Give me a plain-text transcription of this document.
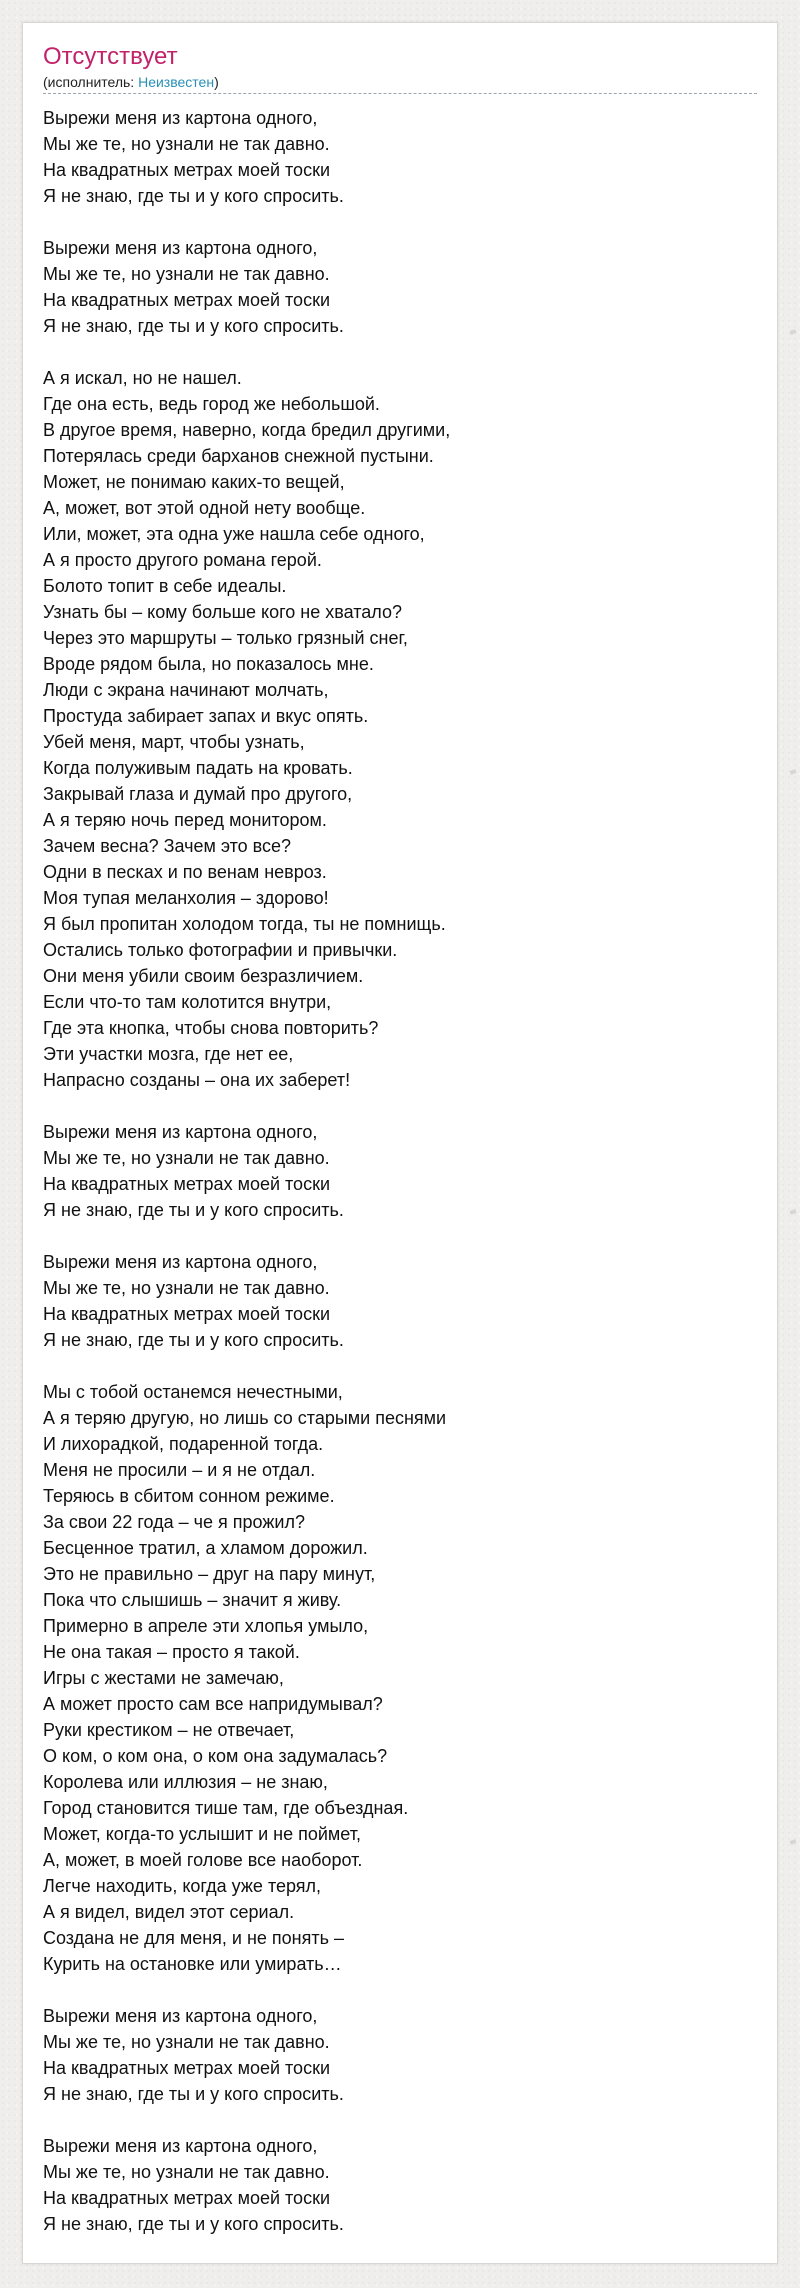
Отсутствует
(исполнитель: Неизвестен)
Вырежи меня из картона одного,
Мы же те, но узнали не так давно.
На квадратных метрах моей тоски
Я не знаю, где ты и у кого спросить.
Вырежи меня из картона одного,
Мы же те, но узнали не так давно.
На квадратных метрах моей тоски
Я не знаю, где ты и у кого спросить.
А я искал, но не нашел.
Где она есть, ведь город же небольшой.
В другое время, наверно, когда бредил другими,
Потерялась среди барханов снежной пустыни.
Может, не понимаю каких-то вещей,
А, может, вот этой одной нету вообще.
Или, может, эта одна уже нашла себе одного,
А я просто другого романа герой.
Болото топит в себе идеалы.
Узнать бы – кому больше кого не хватало?
Через это маршруты – только грязный снег,
Вроде рядом была, но показалось мне.
Люди с экрана начинают молчать,
Простуда забирает запах и вкус опять.
Убей меня, март, чтобы узнать,
Когда полуживым падать на кровать.
Закрывай глаза и думай про другого,
А я теряю ночь перед монитором.
Зачем весна? Зачем это все?
Одни в песках и по венам невроз.
Моя тупая меланхолия – здорово!
Я был пропитан холодом тогда, ты не помнищь.
Остались только фотографии и привычки.
Они меня убили своим безразличием.
Если что-то там колотится внутри,
Где эта кнопка, чтобы снова повторить?
Эти участки мозга, где нет ее,
Напрасно созданы – она их заберет!
Вырежи меня из картона одного,
Мы же те, но узнали не так давно.
На квадратных метрах моей тоски
Я не знаю, где ты и у кого спросить.
Вырежи меня из картона одного,
Мы же те, но узнали не так давно.
На квадратных метрах моей тоски
Я не знаю, где ты и у кого спросить.
Мы с тобой останемся нечестными,
А я теряю другую, но лишь со старыми песнями
И лихорадкой, подаренной тогда.
Меня не просили – и я не отдал.
Теряюсь в сбитом сонном режиме.
За свои 22 года – че я прожил?
Бесценное тратил, а хламом дорожил.
Это не правильно – друг на пару минут,
Пока что слышишь – значит я живу.
Примерно в апреле эти хлопья умыло,
Не она такая – просто я такой.
Игры с жестами не замечаю,
А может просто сам все напридумывал?
Руки крестиком – не отвечает,
О ком, о ком она, о ком она задумалась?
Королева или иллюзия – не знаю,
Город становится тише там, где объездная.
Может, когда-то услышит и не поймет,
А, может, в моей голове все наоборот.
Легче находить, когда уже терял,
А я видел, видел этот сериал.
Создана не для меня, и не понять –
Курить на остановке или умирать…
Вырежи меня из картона одного,
Мы же те, но узнали не так давно.
На квадратных метрах моей тоски
Я не знаю, где ты и у кого спросить.
Вырежи меня из картона одного,
Мы же те, но узнали не так давно.
На квадратных метрах моей тоски
Я не знаю, где ты и у кого спросить.
